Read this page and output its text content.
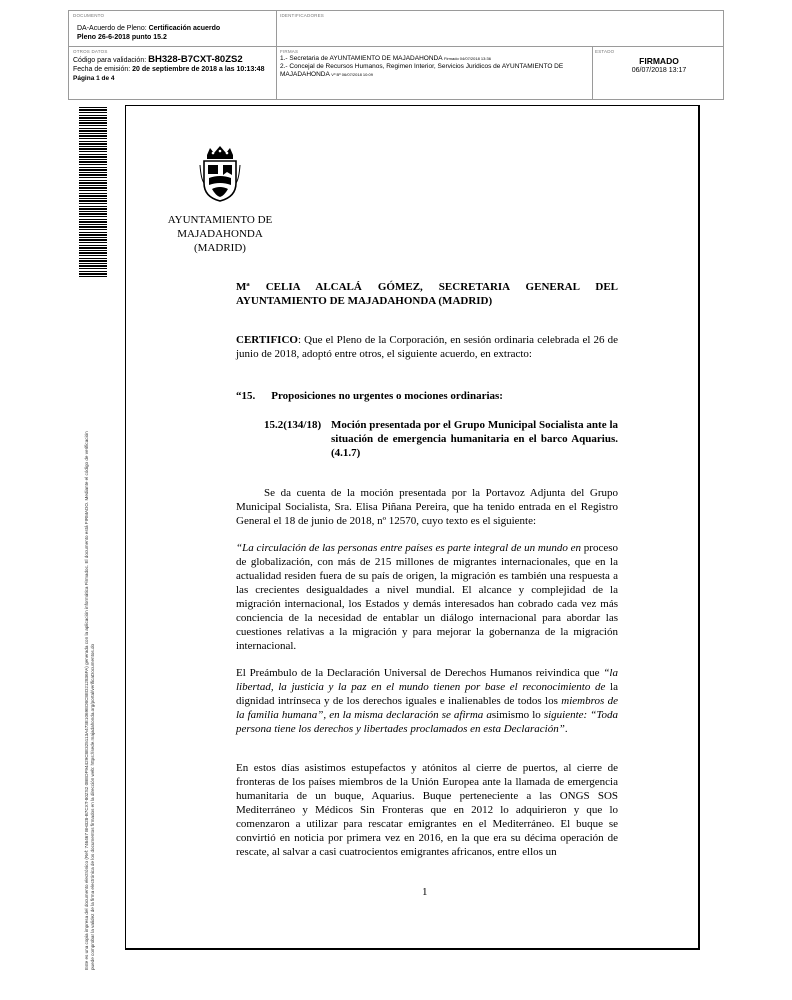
DOCUMENTO
DA-Acuerdo de Pleno: Certificación acuerdo
Pleno 26-6-2018 punto 15.2
IDENTIFICADORES
OTROS DATOS
Código para validación: BH328-B7CXT-80ZS2
Fecha de emisión: 20 de septiembre de 2018 a las 10:13:48
Página 1 de 4
FIRMAS
1.- Secretaria de AYUNTAMIENTO DE MAJADAHONDA Firmado 04/07/2018 13:36
2.- Concejal de Recursos Humanos, Regimen Interior, Servicios Juridicos de AYUNTAMIENTO DE MAJADAHONDA Vº Bº 06/07/2018 10:09
ESTADO
FIRMADO
06/07/2018 13:17
Este es una copia impresa del documento electrónico (Ref: 746467 BH328-B7CXT-80ZS2 0BEDF94429C8E325113A473E1069ED8C8ED212836FA) generada con la aplicación informática Firmadoc. El documento está FIRMADO. Mediante el código de verificación puede comprobar la validez de la firma electrónica de los documentos firmados en la dirección web: https://sede.majadahonda.org/portal/verificaDocumentos.do
AYUNTAMIENTO DE
MAJADAHONDA
(MADRID)
Mª CELIA ALCALÁ GÓMEZ, SECRETARIA GENERAL DEL AYUNTAMIENTO DE MAJADAHONDA (MADRID)
CERTIFICO: Que el Pleno de la Corporación, en sesión ordinaria celebrada el 26 de junio de 2018, adoptó entre otros, el siguiente acuerdo, en extracto:
“15. Proposiciones no urgentes o mociones ordinarias:
15.2(134/18) Moción presentada por el Grupo Municipal Socialista ante la situación de emergencia humanitaria en el barco Aquarius. (4.1.7)
Se da cuenta de la moción presentada por la Portavoz Adjunta del Grupo Municipal Socialista, Sra. Elisa Piñana Pereira, que ha tenido entrada en el Registro General el 18 de junio de 2018, nº 12570, cuyo texto es el siguiente:
“La circulación de las personas entre países es parte integral de un mundo en proceso de globalización, con más de 215 millones de migrantes internacionales, que en la actualidad residen fuera de su país de origen, la migración es también una respuesta a las crecientes desigualdades a nivel mundial. El alcance y complejidad de la migración internacional, los Estados y demás interesados han cobrado cada vez más conciencia de la necesidad de entablar un diálogo internacional para abordar las cuestiones relativas a la migración y para mejorar la gobernanza de la migración internacional.
El Preámbulo de la Declaración Universal de Derechos Humanos reivindica que “la libertad, la justicia y la paz en el mundo tienen por base el reconocimiento de la dignidad intrínseca y de los derechos iguales e inalienables de todos los miembros de la familia humana”, en la misma declaración se afirma asimismo lo siguiente: “Toda persona tiene los derechos y libertades proclamados en esta Declaración”.
En estos días asistimos estupefactos y atónitos al cierre de puertos, al cierre de fronteras de los países miembros de la Unión Europea ante la llamada de emergencia humanitaria de un buque, Aquarius. Buque perteneciente a las ONGS SOS Mediterráneo y Médicos Sin Fronteras que en 2012 lo adquirieron y que lo comenzaron a utilizar para rescatar emigrantes en el Mediterráneo. El buque se convirtió en noticia por primera vez en 2016, en la que era su décima operación de rescate, al salvar a casi cuatrocientos emigrantes africanos, entre ellos un
1
